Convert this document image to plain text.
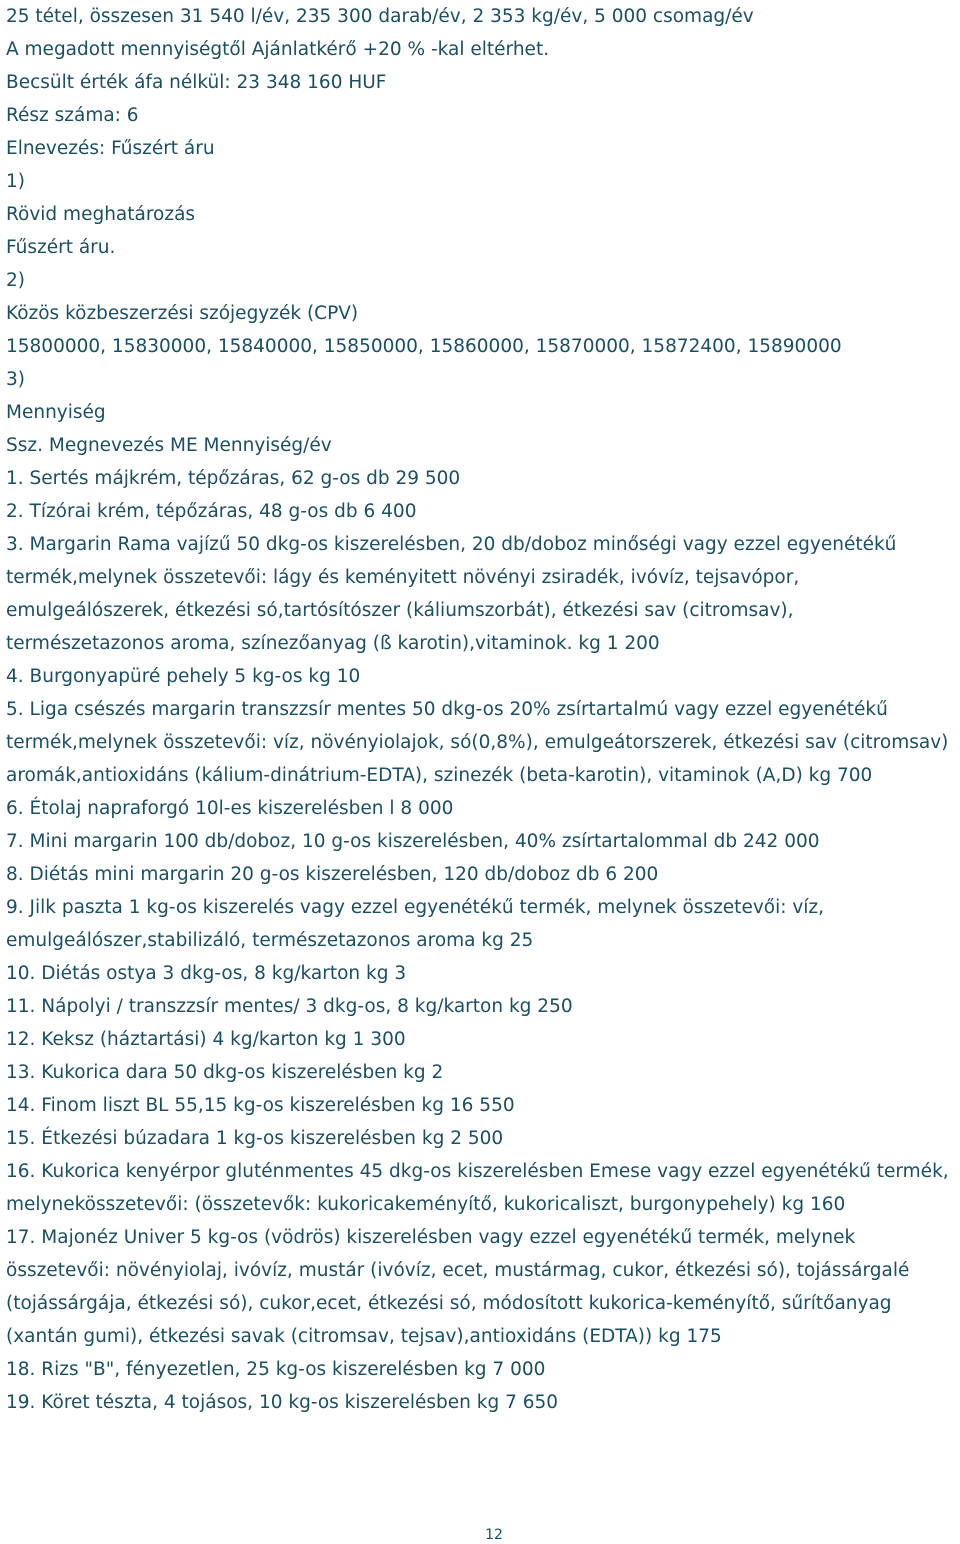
25 tétel, összesen 31 540 l/év, 235 300 darab/év, 2 353 kg/év, 5 000 csomag/év
A megadott mennyiségtől Ajánlatkérő +20 % -kal eltérhet.
Becsült érték áfa nélkül: 23 348 160 HUF
Rész száma: 6
Elnevezés: Fűszért áru
1)
Rövid meghatározás
Fűszért áru.
2)
Közös közbeszerzési szójegyzék (CPV)
15800000, 15830000, 15840000, 15850000, 15860000, 15870000, 15872400, 15890000
3)
Mennyiség
Ssz. Megnevezés ME Mennyiség/év
1. Sertés májkrém, tépőzáras, 62 g-os db 29 500
2. Tízórai krém, tépőzáras, 48 g-os db 6 400
3. Margarin Rama vajízű 50 dkg-os kiszerelésben, 20 db/doboz minőségi vagy ezzel egyenétékű termék,melynek összetevői: lágy és keményitett növényi zsiradék, ivóvíz, tejsavópor, emulgeálószerek, étkezési só,tartósítószer (káliumszorbát), étkezési sav (citromsav), természetazonos aroma, színezőanyag (ß karotin),vitaminok. kg 1 200
4. Burgonyapüré pehely 5 kg-os kg 10
5. Liga csészés margarin transzzsír mentes 50 dkg-os 20% zsírtartalmú vagy ezzel egyenétékű termék,melynek összetevői: víz, növényiolajok, só(0,8%), emulgeátorszerek, étkezési sav (citromsav) aromák,antioxidáns (kálium-dinátrium-EDTA), szinezék (beta-karotin), vitaminok (A,D) kg 700
6. Étolaj napraforgó 10l-es kiszerelésben l 8 000
7. Mini margarin 100 db/doboz, 10 g-os kiszerelésben, 40% zsírtartalommal db 242 000
8. Diétás mini margarin 20 g-os kiszerelésben, 120 db/doboz db 6 200
9. Jilk paszta 1 kg-os kiszerelés vagy ezzel egyenétékű termék, melynek összetevői: víz, emulgeálószer,stabilizáló, természetazonos aroma kg 25
10. Diétás ostya 3 dkg-os, 8 kg/karton kg 3
11. Nápolyi / transzzsír mentes/ 3 dkg-os, 8 kg/karton kg 250
12. Keksz (háztartási) 4 kg/karton kg 1 300
13. Kukorica dara 50 dkg-os kiszerelésben kg 2
14. Finom liszt BL 55,15 kg-os kiszerelésben kg 16 550
15. Étkezési búzadara 1 kg-os kiszerelésben kg 2 500
16. Kukorica kenyérpor gluténmentes 45 dkg-os kiszerelésben Emese vagy ezzel egyenétékű termék, melynekösszetevői: (összetevők: kukoricakeményítő, kukoricaliszt, burgonypehely) kg 160
17. Majonéz Univer 5 kg-os (vödrös) kiszerelésben vagy ezzel egyenétékű termék, melynek összetevői: növényiolaj, ivóvíz, mustár (ivóvíz, ecet, mustármag, cukor, étkezési só), tojássárgalé (tojássárgája, étkezési só), cukor,ecet, étkezési só, módosított kukorica-keményítő, sűrítőanyag (xantán gumi), étkezési savak (citromsav, tejsav),antioxidáns (EDTA)) kg 175
18. Rizs "B", fényezetlen, 25 kg-os kiszerelésben kg 7 000
19. Köret tészta, 4 tojásos, 10 kg-os kiszerelésben kg 7 650
12
